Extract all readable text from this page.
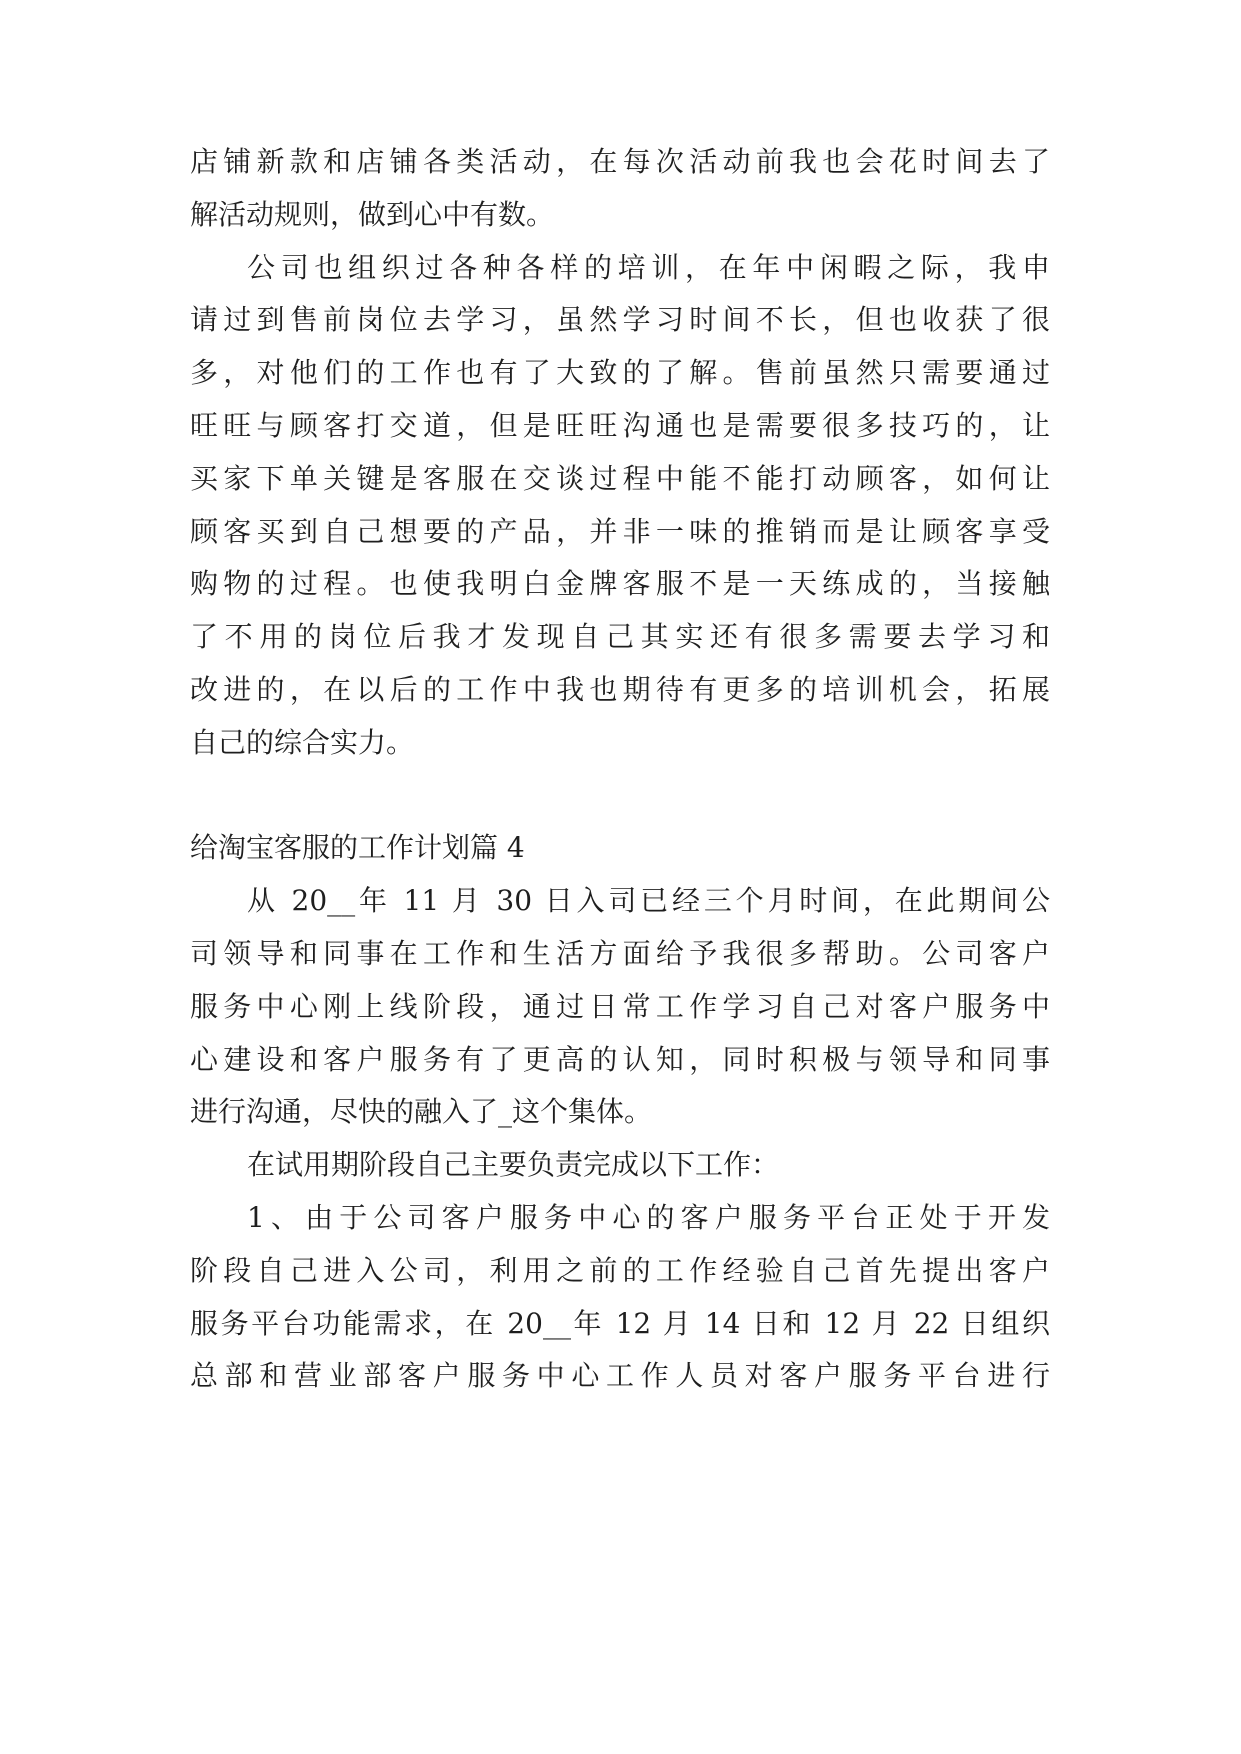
店铺新款和店铺各类活动，在每次活动前我也会花时间去了
解活动规则，做到心中有数。
公司也组织过各种各样的培训，在年中闲暇之际，我申
请过到售前岗位去学习，虽然学习时间不长，但也收获了很
多，对他们的工作也有了大致的了解。售前虽然只需要通过
旺旺与顾客打交道，但是旺旺沟通也是需要很多技巧的，让
买家下单关键是客服在交谈过程中能不能打动顾客，如何让
顾客买到自己想要的产品，并非一味的推销而是让顾客享受
购物的过程。也使我明白金牌客服不是一天练成的，当接触
了不用的岗位后我才发现自己其实还有很多需要去学习和
改进的，在以后的工作中我也期待有更多的培训机会，拓展
自己的综合实力。
给淘宝客服的工作计划篇 4
从 20__年 11 月 30 日入司已经三个月时间，在此期间公
司领导和同事在工作和生活方面给予我很多帮助。公司客户
服务中心刚上线阶段，通过日常工作学习自己对客户服务中
心建设和客户服务有了更高的认知，同时积极与领导和同事
进行沟通，尽快的融入了_这个集体。
在试用期阶段自己主要负责完成以下工作：
1、由于公司客户服务中心的客户服务平台正处于开发
阶段自己进入公司，利用之前的工作经验自己首先提出客户
服务平台功能需求，在 20__年 12 月 14 日和 12 月 22 日组织
总部和营业部客户服务中心工作人员对客户服务平台进行
